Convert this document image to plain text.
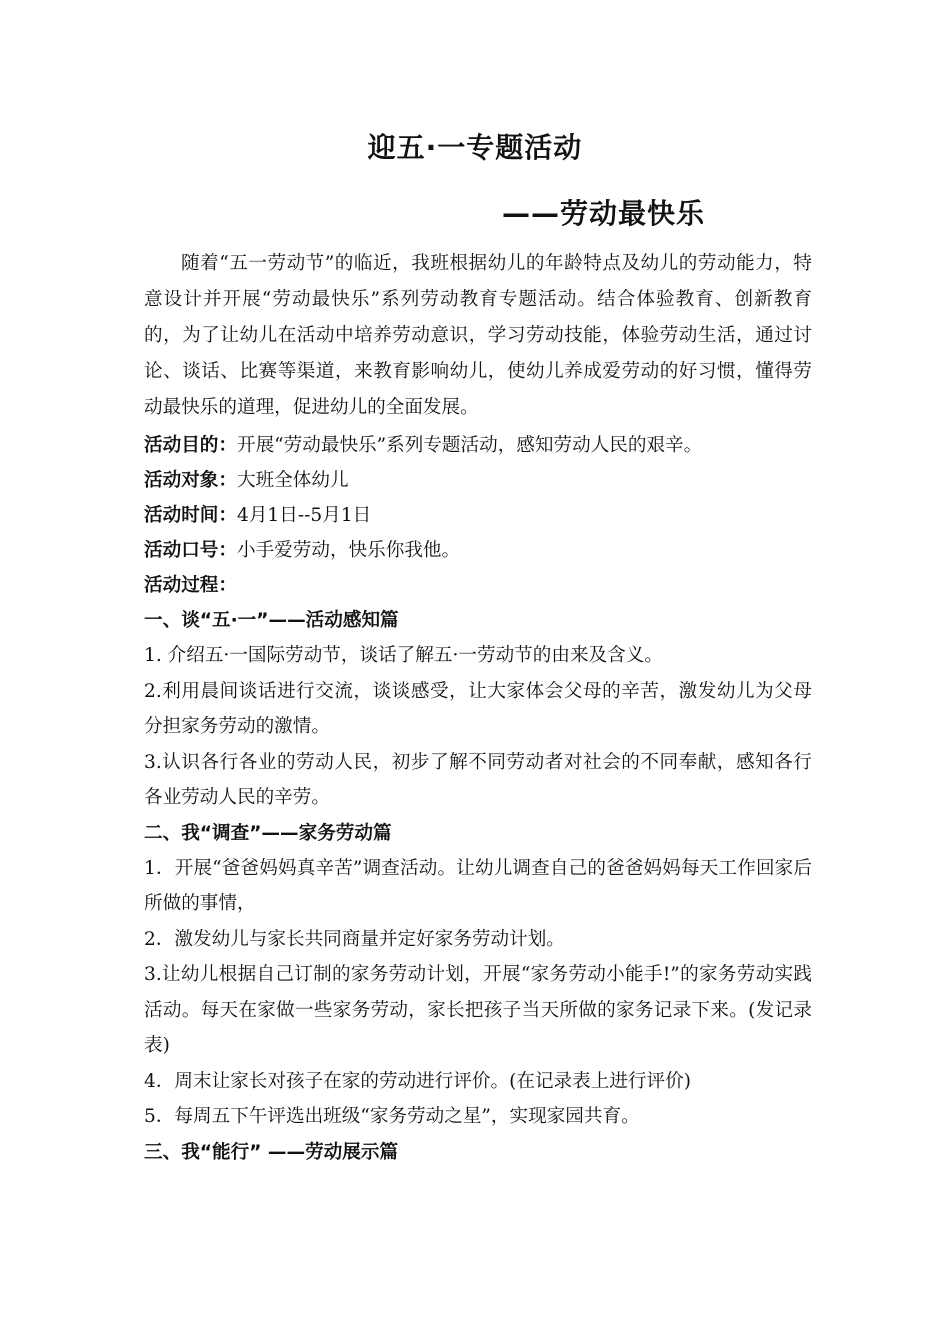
迎五·一专题活动
——劳动最快乐

随着“五一劳动节”的临近，我班根据幼儿的年龄特点及幼儿的劳动能力，特意设计并开展“劳动最快乐”系列劳动教育专题活动。结合体验教育、创新教育的，为了让幼儿在活动中培养劳动意识，学习劳动技能，体验劳动生活，通过讨论、谈话、比赛等渠道，来教育影响幼儿，使幼儿养成爱劳动的好习惯，懂得劳动最快乐的道理，促进幼儿的全面发展。

活动目的：开展“劳动最快乐”系列专题活动，感知劳动人民的艰辛。
活动对象：大班全体幼儿
活动时间：4月1日--5月1日
活动口号：小手爱劳动，快乐你我他。
活动过程：
一、谈“五·一”——活动感知篇

1. 介绍五·一国际劳动节，谈话了解五·一劳动节的由来及含义。

2.利用晨间谈话进行交流，谈谈感受，让大家体会父母的辛苦，激发幼儿为父母分担家务劳动的激情。

3.认识各行各业的劳动人民，初步了解不同劳动者对社会的不同奉献，感知各行各业劳动人民的辛劳。

二、我“调查”——家务劳动篇

1．开展“爸爸妈妈真辛苦”调查活动。让幼儿调查自己的爸爸妈妈每天工作回家后所做的事情，

2．激发幼儿与家长共同商量并定好家务劳动计划。

3.让幼儿根据自己订制的家务劳动计划，开展“家务劳动小能手!”的家务劳动实践活动。每天在家做一些家务劳动，家长把孩子当天所做的家务记录下来。(发记录表)

4．周末让家长对孩子在家的劳动进行评价。(在记录表上进行评价)

5．每周五下午评选出班级“家务劳动之星”，实现家园共育。

三、我“能行” ——劳动展示篇
